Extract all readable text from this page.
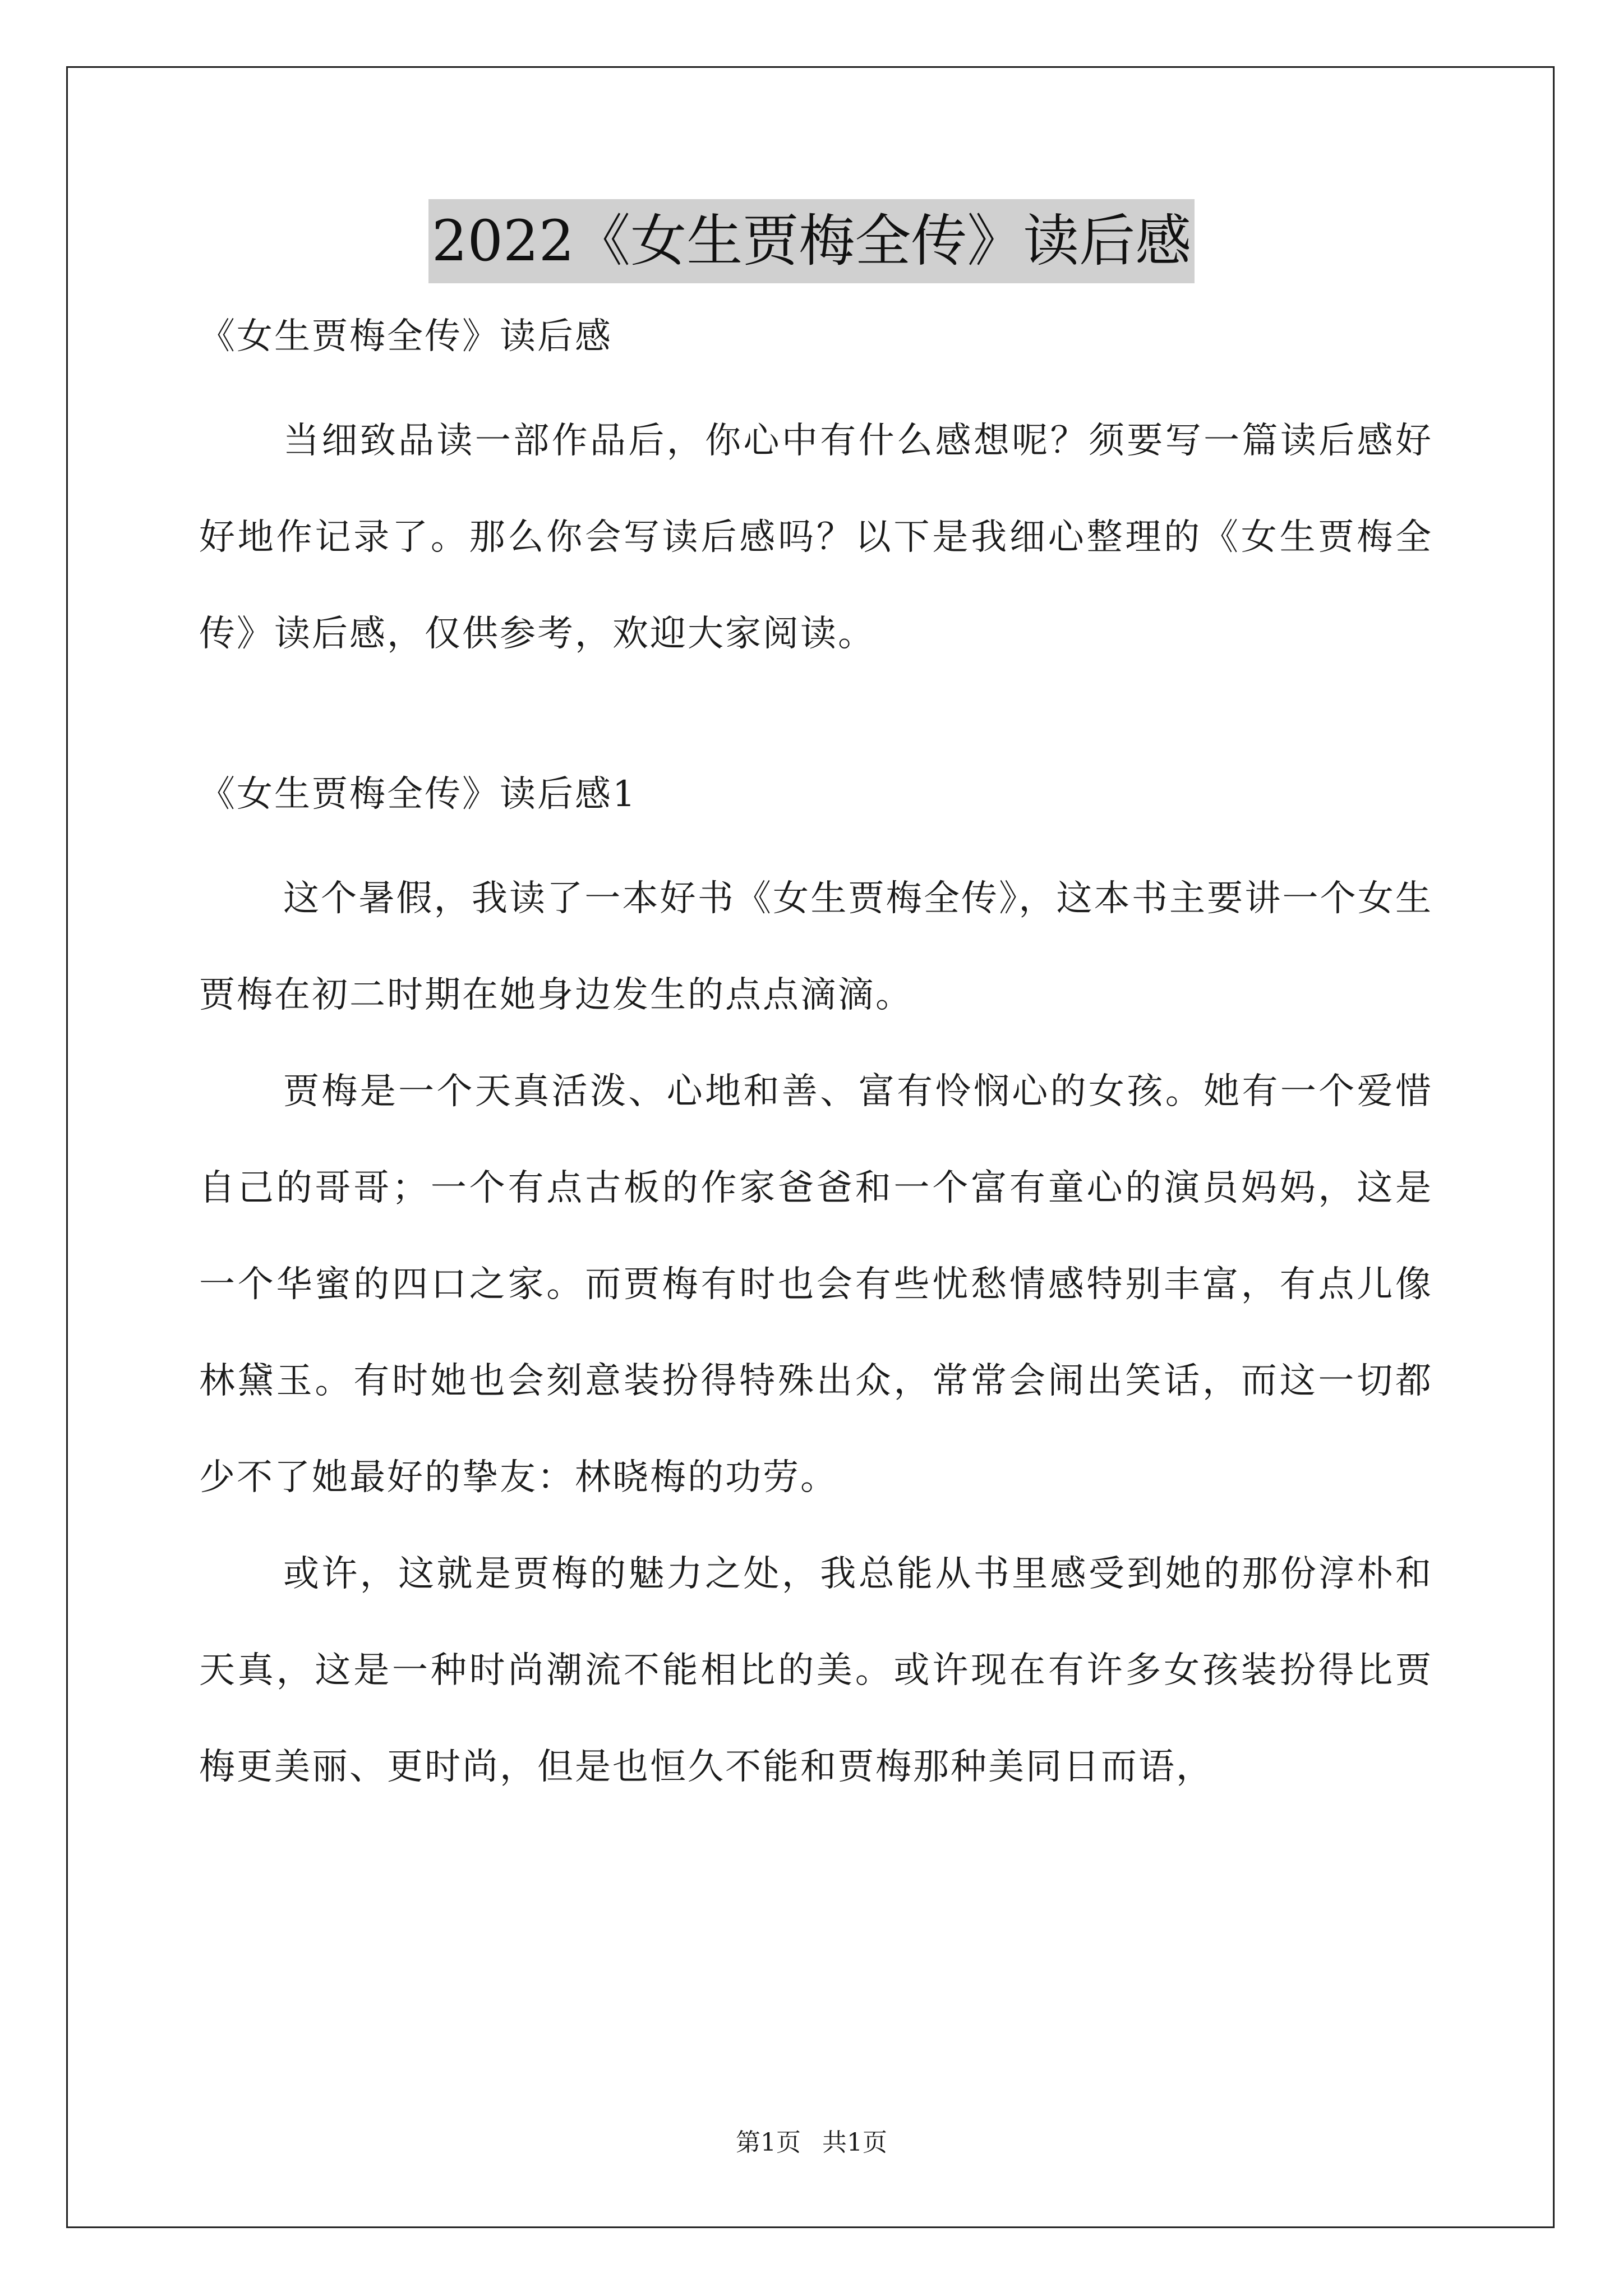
2022《女生贾梅全传》读后感

《女生贾梅全传》读后感

当细致品读一部作品后，你心中有什么感想呢？须要写一篇读后感好好地作记录了。那么你会写读后感吗？以下是我细心整理的《女生贾梅全传》读后感，仅供参考，欢迎大家阅读。

《女生贾梅全传》读后感1

这个暑假，我读了一本好书《女生贾梅全传》，这本书主要讲一个女生贾梅在初二时期在她身边发生的点点滴滴。

贾梅是一个天真活泼、心地和善、富有怜悯心的女孩。她有一个爱惜自己的哥哥；一个有点古板的作家爸爸和一个富有童心的演员妈妈，这是一个华蜜的四口之家。而贾梅有时也会有些忧愁情感特别丰富，有点儿像林黛玉。有时她也会刻意装扮得特殊出众，常常会闹出笑话，而这一切都少不了她最好的挚友：林晓梅的功劳。

或许，这就是贾梅的魅力之处，我总能从书里感受到她的那份淳朴和天真，这是一种时尚潮流不能相比的美。或许现在有许多女孩装扮得比贾梅更美丽、更时尚，但是也恒久不能和贾梅那种美同日而语，

第1页 共1页
